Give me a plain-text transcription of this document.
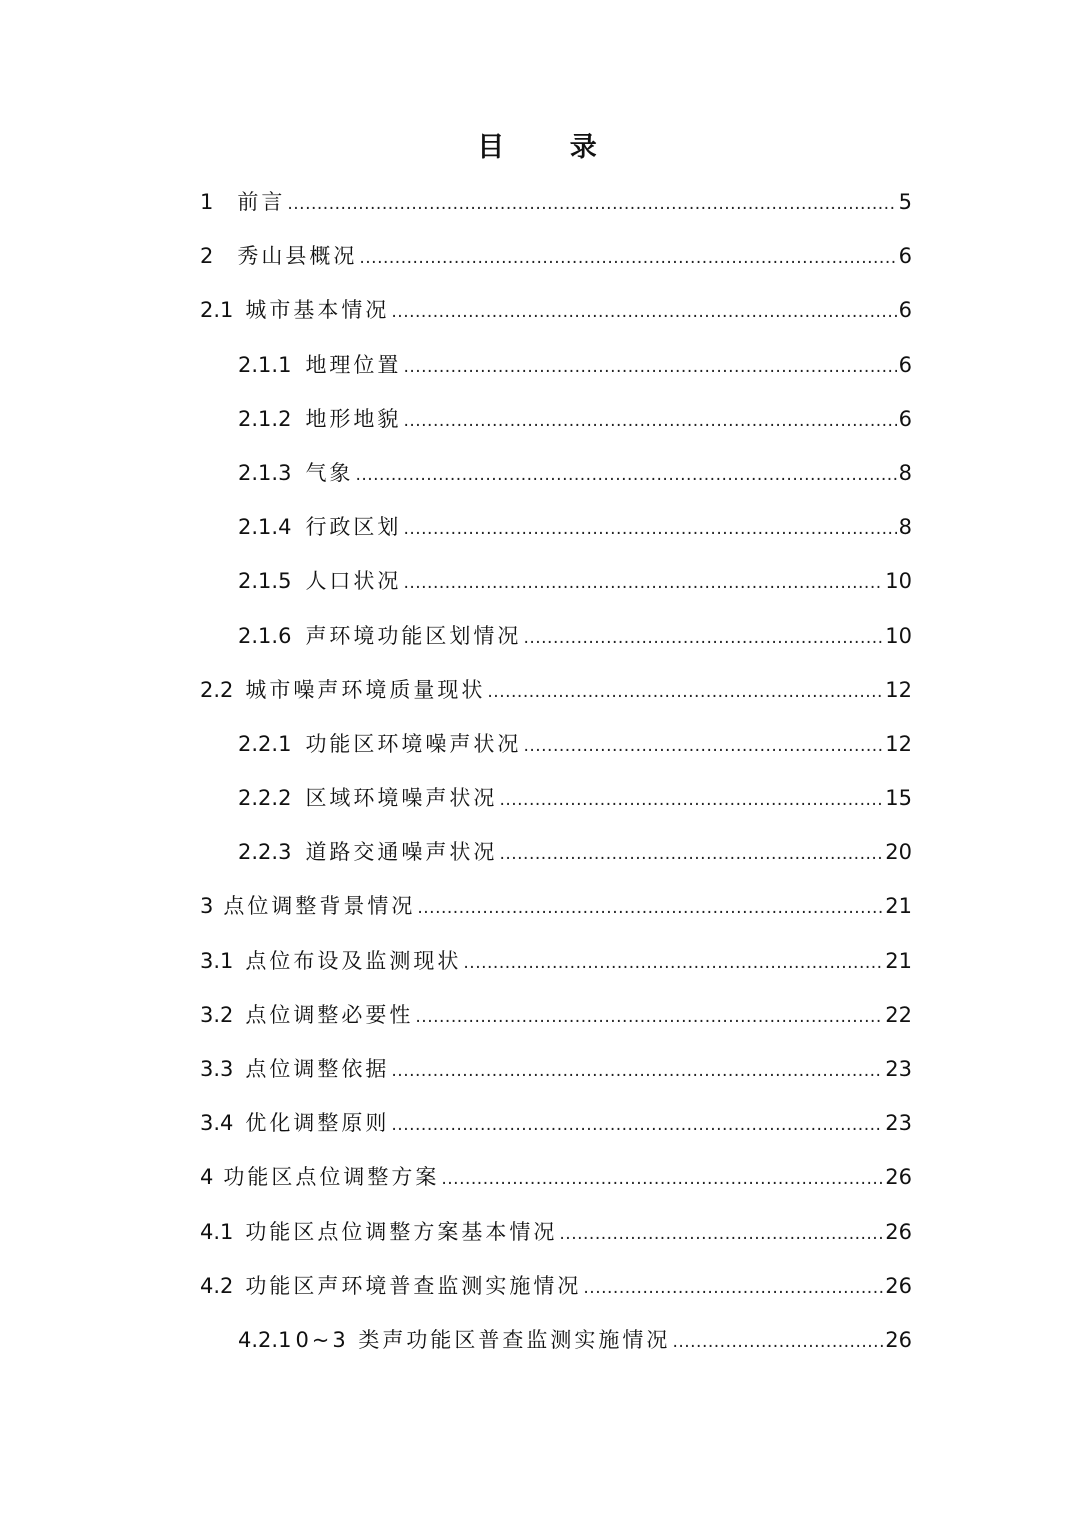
目 录
1	前言 .....	5
2	秀山县概况 .....	6
2.1 城市基本情况 .....	6
2.1.1 地理位置 .....	6
2.1.2 地形地貌 .....	6
2.1.3 气象 .....	8
2.1.4 行政区划 .....	8
2.1.5 人口状况 .....	10
2.1.6 声环境功能区划情况 .....	10
2.2 城市噪声环境质量现状 .....	12
2.2.1 功能区环境噪声状况 .....	12
2.2.2 区域环境噪声状况 .....	15
2.2.3 道路交通噪声状况 .....	20
3 点位调整背景情况 .....	21
3.1 点位布设及监测现状 .....	21
3.2 点位调整必要性 .....	22
3.3 点位调整依据 .....	23
3.4 优化调整原则 .....	23
4 功能区点位调整方案 .....	26
4.1 功能区点位调整方案基本情况 .....	26
4.2 功能区声环境普查监测实施情况 .....	26
4.2.1 0~3 类声功能区普查监测实施情况 .....	26
